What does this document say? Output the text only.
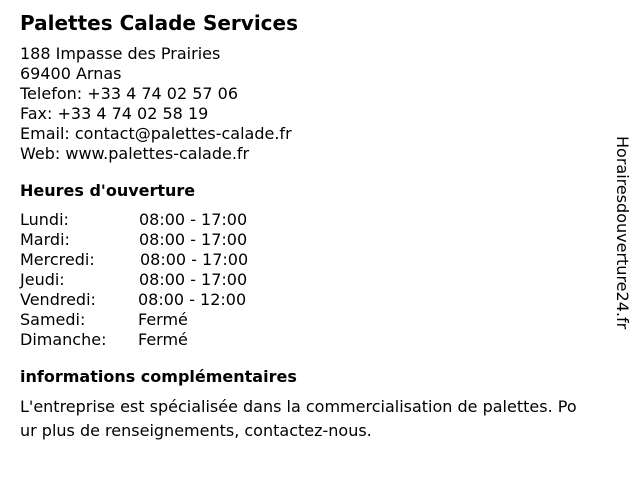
Palettes Calade Services
188 Impasse des Prairies
69400 Arnas
Telefon: +33 4 74 02 57 06
Fax: +33 4 74 02 58 19
Email: contact@palettes-calade.fr
Web: www.palettes-calade.fr
Heures d'ouverture
Lundi:	08:00 - 17:00
Mardi:	08:00 - 17:00
Mercredi:	08:00 - 17:00
Jeudi:	08:00 - 17:00
Vendredi:	08:00 - 12:00
Samedi:	Fermé
Dimanche: Fermé
informations complémentaires

L'entreprise est spécialisée dans la commercialisation de palettes. Pour plus de renseignements, contactez-nous.

Horairesdouverture24.fr
